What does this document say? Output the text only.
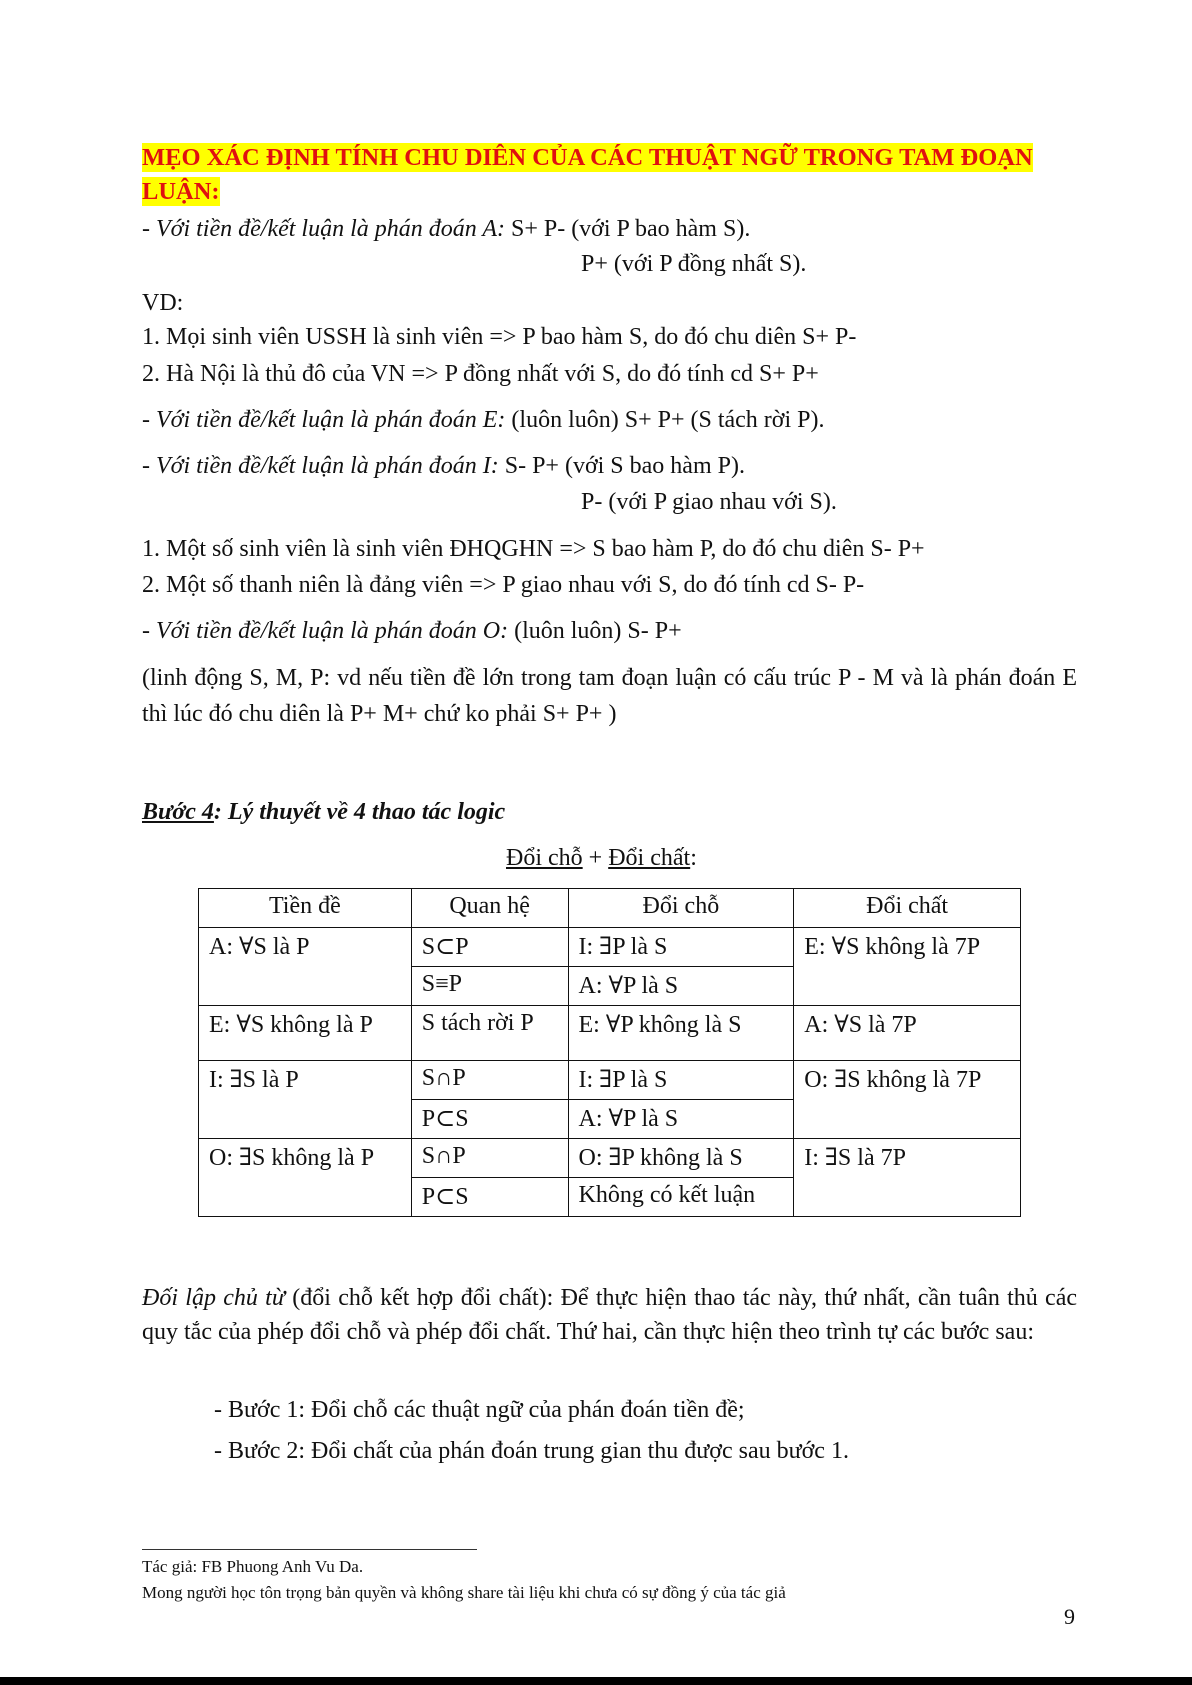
MẸO XÁC ĐỊNH TÍNH CHU DIÊN CỦA CÁC THUẬT NGỮ TRONG TAM ĐOẠN
LUẬN:
- Với tiền đề/kết luận là phán đoán A: S+ P- (với P bao hàm S).
P+ (với P đồng nhất S).
VD:
1. Mọi sinh viên USSH là sinh viên => P bao hàm S, do đó chu diên S+ P-
2. Hà Nội là thủ đô của VN => P đồng nhất với S, do đó tính cd S+ P+
- Với tiền đề/kết luận là phán đoán E: (luôn luôn) S+ P+ (S tách rời P).
- Với tiền đề/kết luận là phán đoán I: S- P+ (với S bao hàm P).
P- (với P giao nhau với S).
1. Một số sinh viên là sinh viên ĐHQGHN => S bao hàm P, do đó chu diên S- P+
2. Một số thanh niên là đảng viên => P giao nhau với S, do đó tính cd S- P-
- Với tiền đề/kết luận là phán đoán O: (luôn luôn) S- P+
(linh động S, M, P: vd nếu tiền đề lớn trong tam đoạn luận có cấu trúc P - M và là phán đoán E thì lúc đó chu diên là P+ M+ chứ ko phải S+ P+ )
Bước 4: Lý thuyết về 4 thao tác logic
Đổi chỗ + Đổi chất:
Tiền đề	Quan hệ	Đổi chỗ	Đổi chất
A: ∀S là P	S⊂P	I: ∃P là S	E: ∀S không là 7P
	S≡P	A: ∀P là S	
E: ∀S không là P	S tách rời P	E: ∀P không là S	A: ∀S là 7P
I: ∃S là P	S∩P	I: ∃P là S	O: ∃S không là 7P
	P⊂S	A: ∀P là S	
O: ∃S không là P	S∩P	O: ∃P không là S	I: ∃S là 7P
	P⊂S	Không có kết luận	
Đối lập chủ từ (đổi chỗ kết hợp đổi chất): Để thực hiện thao tác này, thứ nhất, cần tuân thủ các quy tắc của phép đổi chỗ và phép đổi chất. Thứ hai, cần thực hiện theo trình tự các bước sau:
- Bước 1: Đổi chỗ các thuật ngữ của phán đoán tiền đề;
- Bước 2: Đổi chất của phán đoán trung gian thu được sau bước 1.
Tác giả: FB Phuong Anh Vu Da.
Mong người học tôn trọng bản quyền và không share tài liệu khi chưa có sự đồng ý của tác giả
9
